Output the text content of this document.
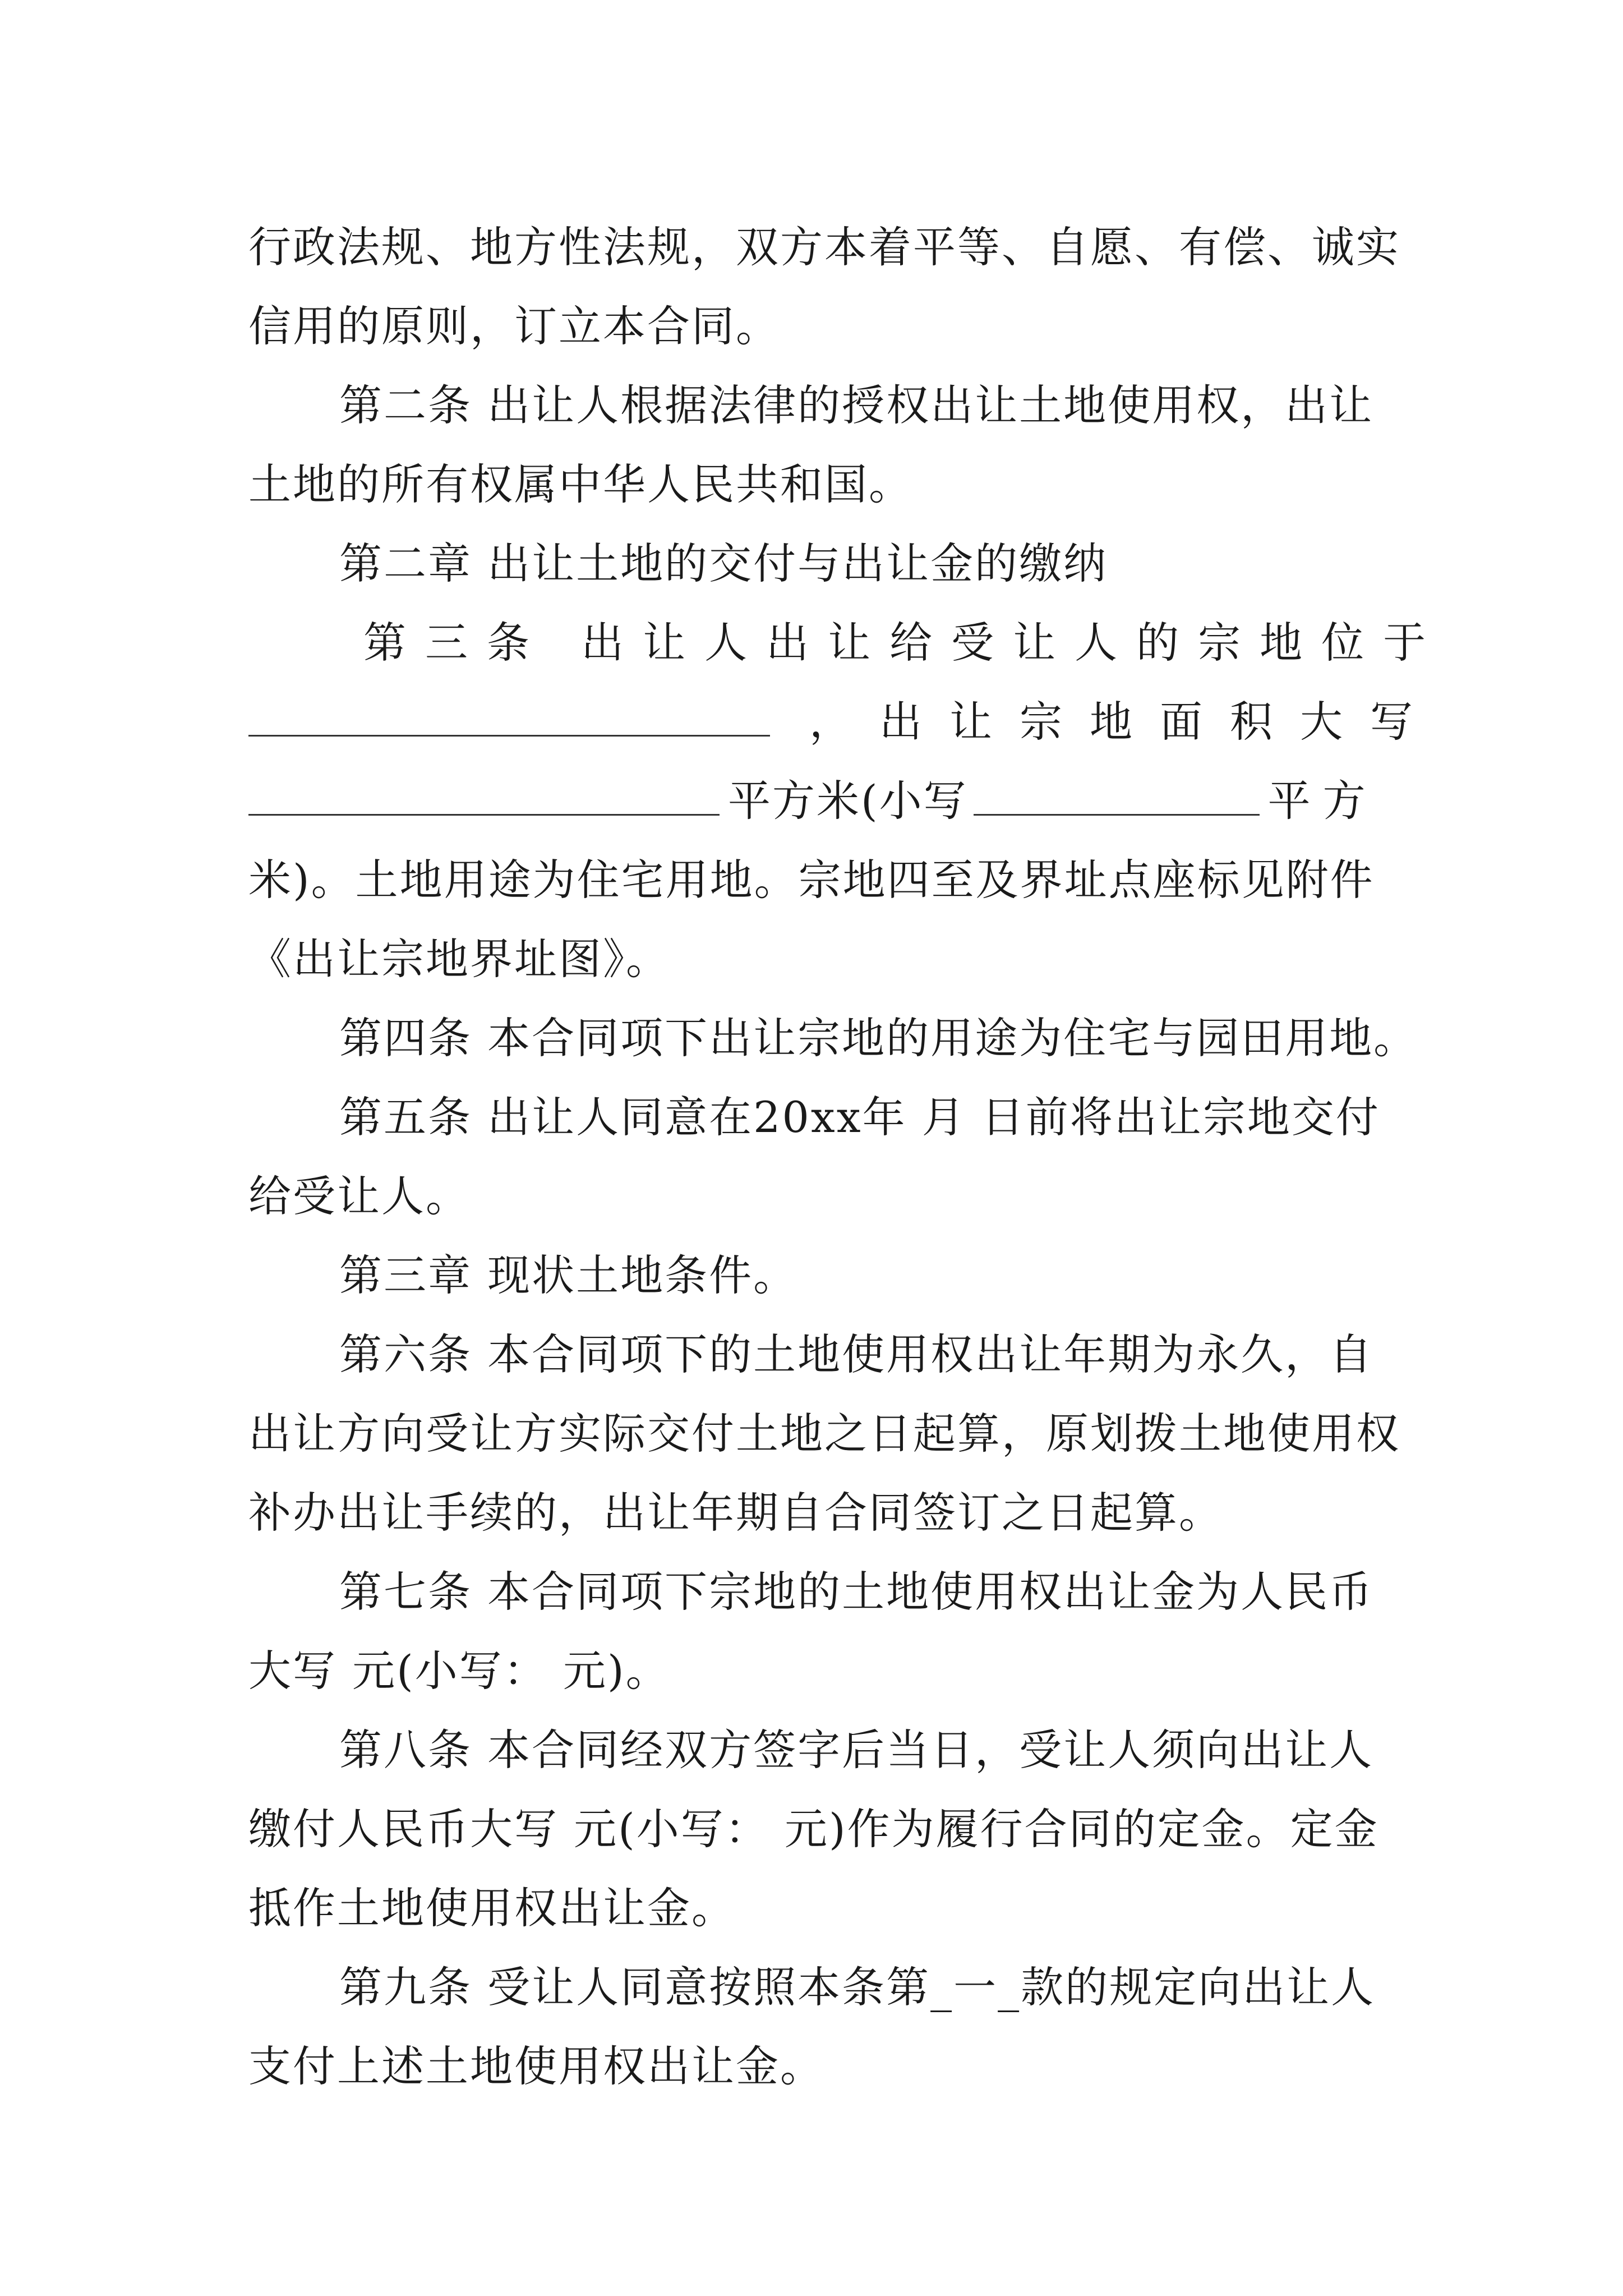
行政法规、地方性法规，双方本着平等、自愿、有偿、诚实
信用的原则，订立本合同。
第二条 出让人根据法律的授权出让土地使用权，出让
土地的所有权属中华人民共和国。
第二章 出让土地的交付与出让金的缴纳
第三条 出让人出让给受让人的宗地位于
，出让宗地面积大写
平方米(小写	平方
米)。土地用途为住宅用地。宗地四至及界址点座标见附件
《出让宗地界址图》。
第四条 本合同项下出让宗地的用途为住宅与园田用地。
第五条 出让人同意在20xx年 月 日前将出让宗地交付
给受让人。
第三章 现状土地条件。
第六条 本合同项下的土地使用权出让年期为永久，自
出让方向受让方实际交付土地之日起算，原划拨土地使用权
补办出让手续的，出让年期自合同签订之日起算。
第七条 本合同项下宗地的土地使用权出让金为人民币
大写 元(小写： 元)。
第八条 本合同经双方签字后当日，受让人须向出让人
缴付人民币大写 元(小写： 元)作为履行合同的定金。定金
抵作土地使用权出让金。
第九条 受让人同意按照本条第_一_款的规定向出让人
支付上述土地使用权出让金。
